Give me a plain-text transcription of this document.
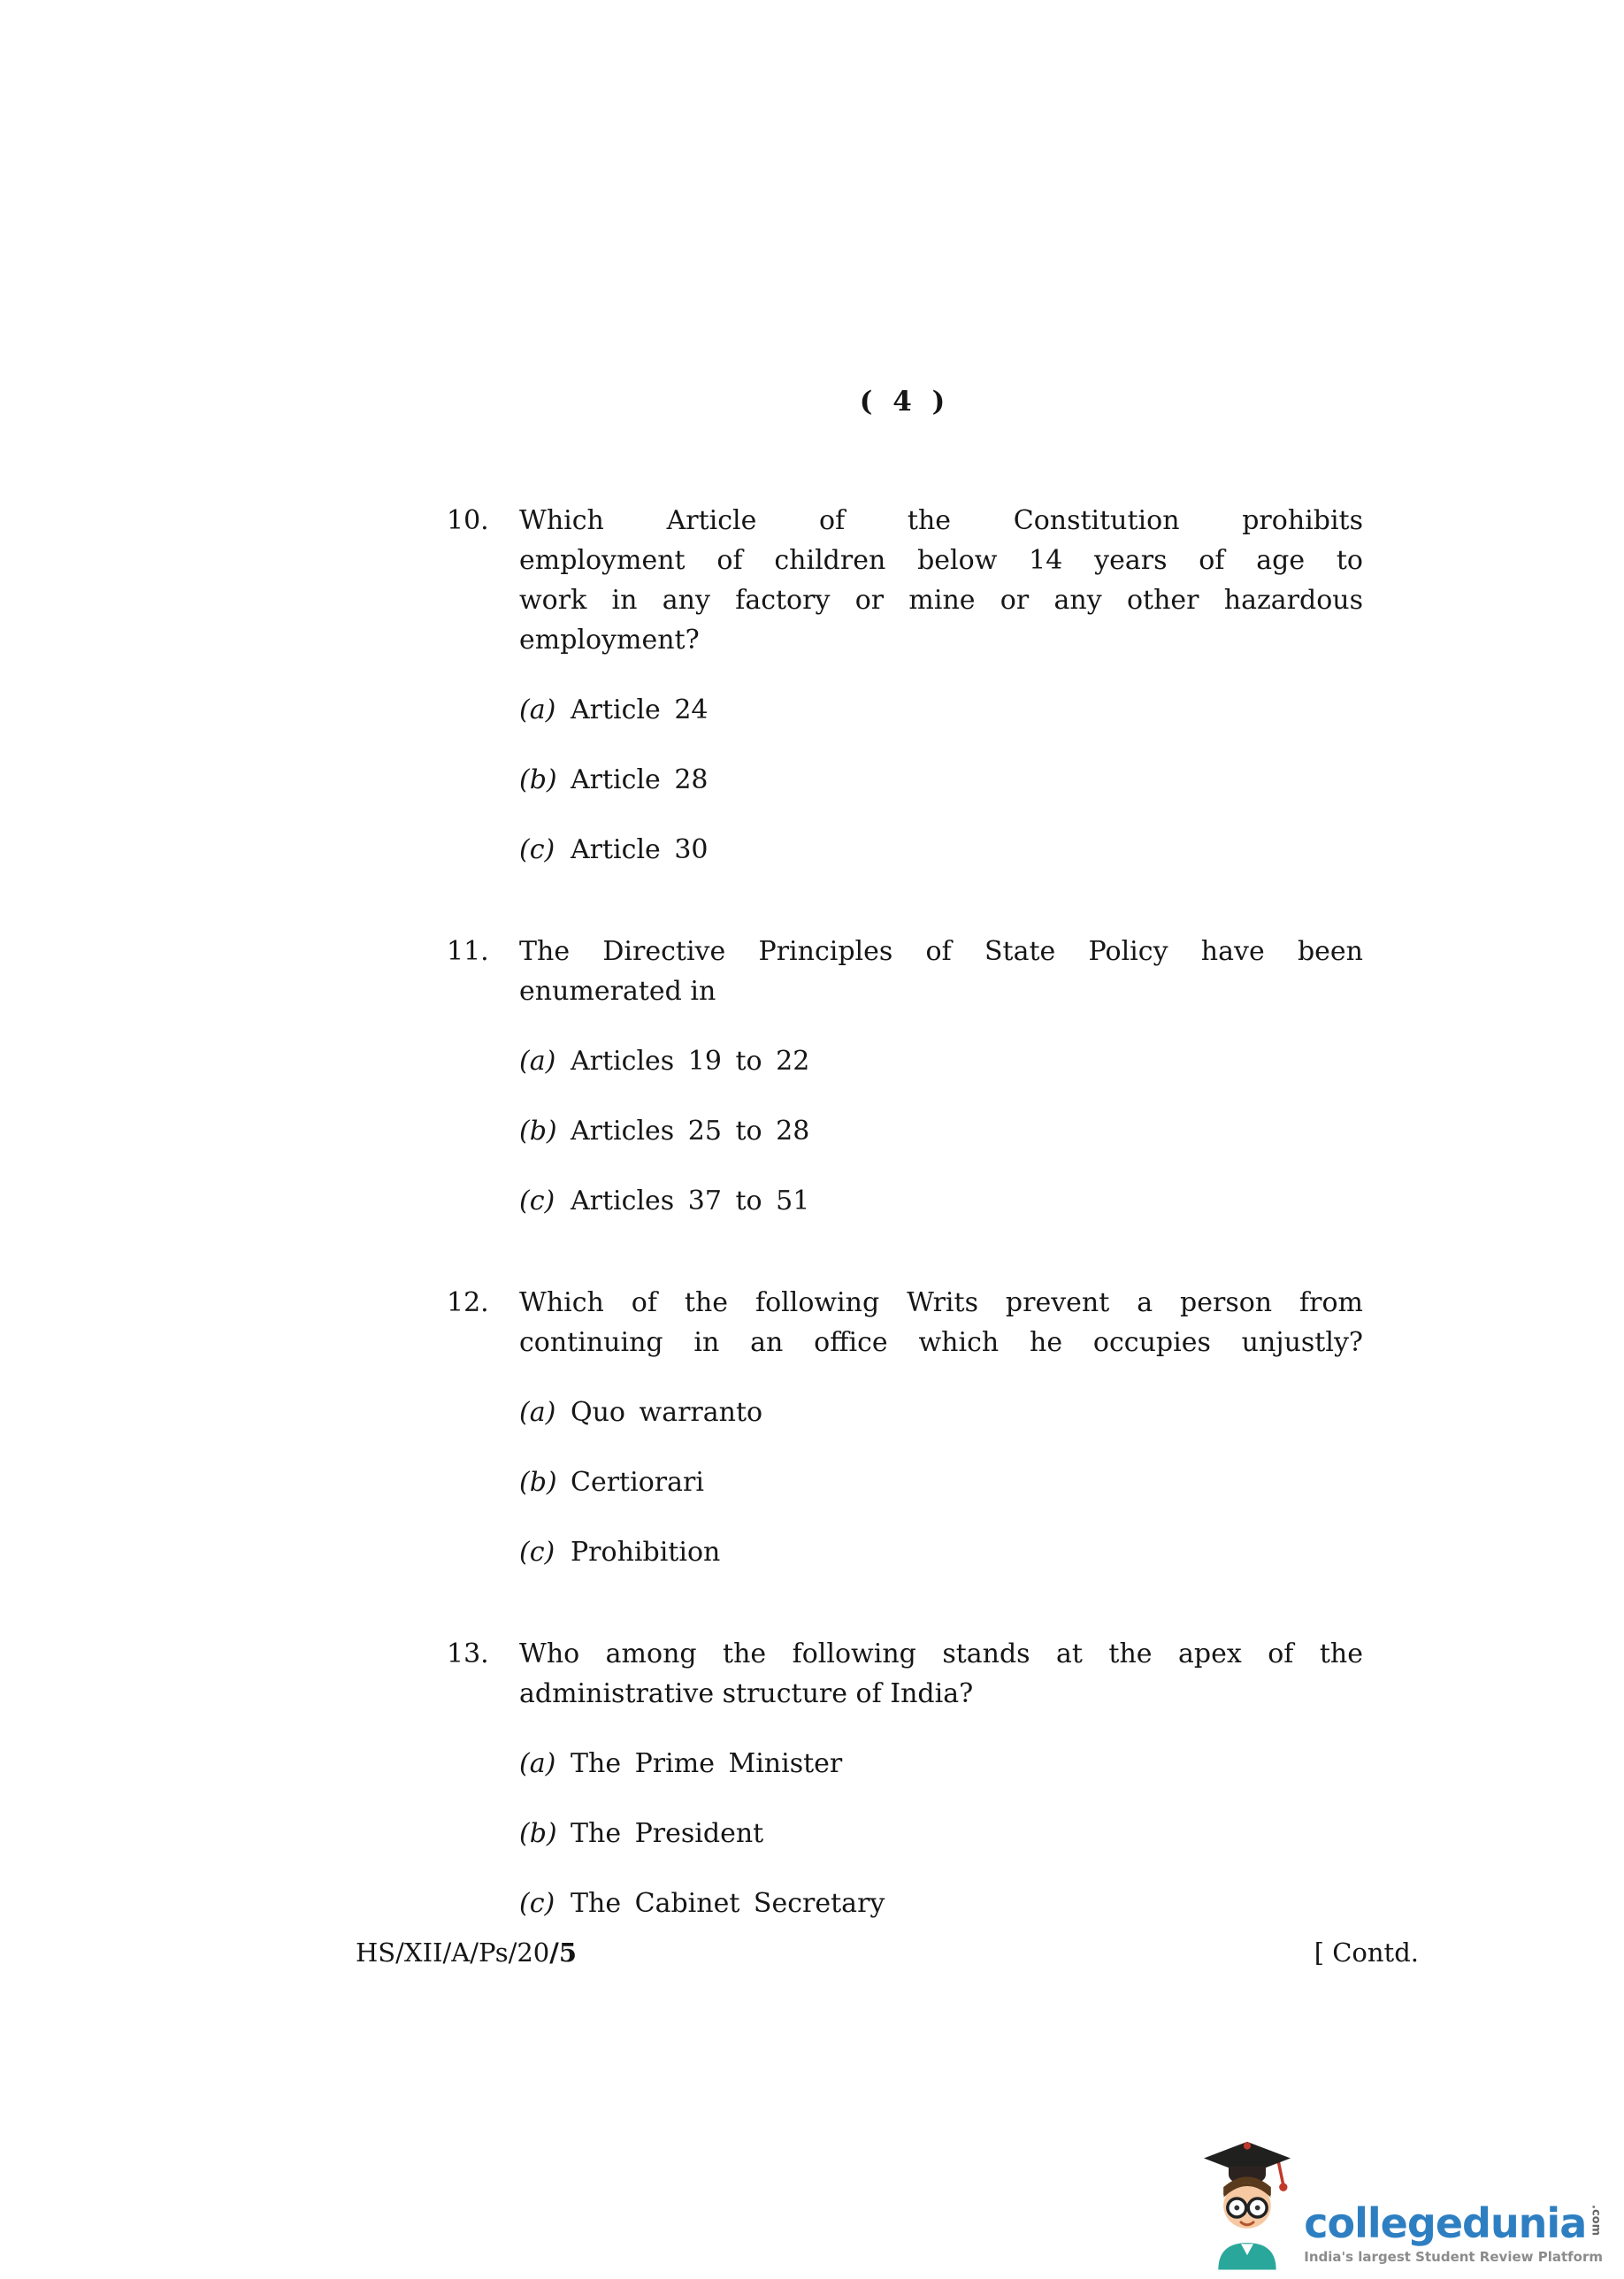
( 4 )
10.	Which Article of the Constitution prohibits
employment of children below 14 years of age to
work in any factory or mine or any other hazardous
employment?
(a) Article 24
(b) Article 28
(c) Article 30
11.	The Directive Principles of State Policy have been
enumerated in
(a) Articles 19 to 22
(b) Articles 25 to 28
(c) Articles 37 to 51
12.	Which of the following Writs prevent a person from
continuing in an office which he occupies unjustly?
(a) Quo warranto
(b) Certiorari
(c) Prohibition
13.	Who among the following stands at the apex of the
administrative structure of India?
(a) The Prime Minister
(b) The President
(c) The Cabinet Secretary
HS/XII/A/Ps/20/5	[ Contd.
collegedunia .com
India's largest Student Review Platform
